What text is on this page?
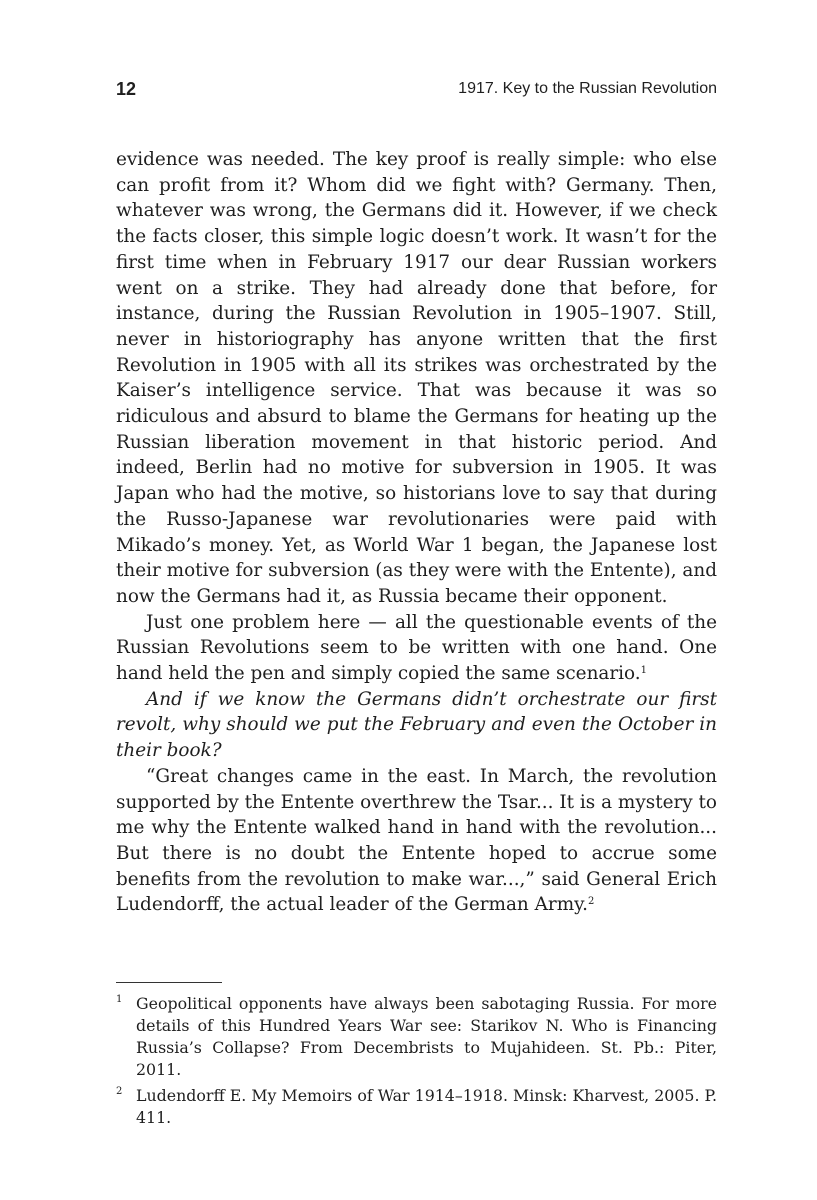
12	1917. Key to the Russian Revolution

evidence was needed. The key proof is really simple: who else can profit from it? Whom did we fight with? Germany. Then, whatever was wrong, the Germans did it. However, if we check the facts closer, this simple logic doesn’t work. It wasn’t for the first time when in February 1917 our dear Russian workers went on a strike. They had already done that before, for instance, during the Russian Revolution in 1905–1907. Still, never in historiography has anyone written that the first Revolution in 1905 with all its strikes was orchestrated by the Kaiser’s intelligence service. That was because it was so ridiculous and absurd to blame the Germans for heating up the Russian liberation movement in that historic period. And indeed, Berlin had no motive for subversion in 1905. It was Japan who had the motive, so historians love to say that during the Russo-Japanese war revolutionaries were paid with Mikado’s money. Yet, as World War 1 began, the Japanese lost their motive for subversion (as they were with the Entente), and now the Germans had it, as Russia became their opponent.

Just one problem here — all the questionable events of the Russian Revolutions seem to be written with one hand. One hand held the pen and simply copied the same scenario.$^1$

And if we know the Germans didn’t orchestrate our first revolt, why should we put the February and even the October in their book?

“Great changes came in the east. In March, the revolution supported by the Entente overthrew the Tsar... It is a mystery to me why the Entente walked hand in hand with the revolution... But there is no doubt the Entente hoped to accrue some benefits from the revolution to make war...,” said General Erich Ludendorff, the actual leader of the German Army.$^2$

1 Geopolitical opponents have always been sabotaging Russia. For more details of this Hundred Years War see: Starikov N. Who is Financing Russia’s Collapse? From Decembrists to Mujahideen. St. Pb.: Piter, 2011.
2 Ludendorff E. My Memoirs of War 1914–1918. Minsk: Kharvest, 2005. P. 411.
